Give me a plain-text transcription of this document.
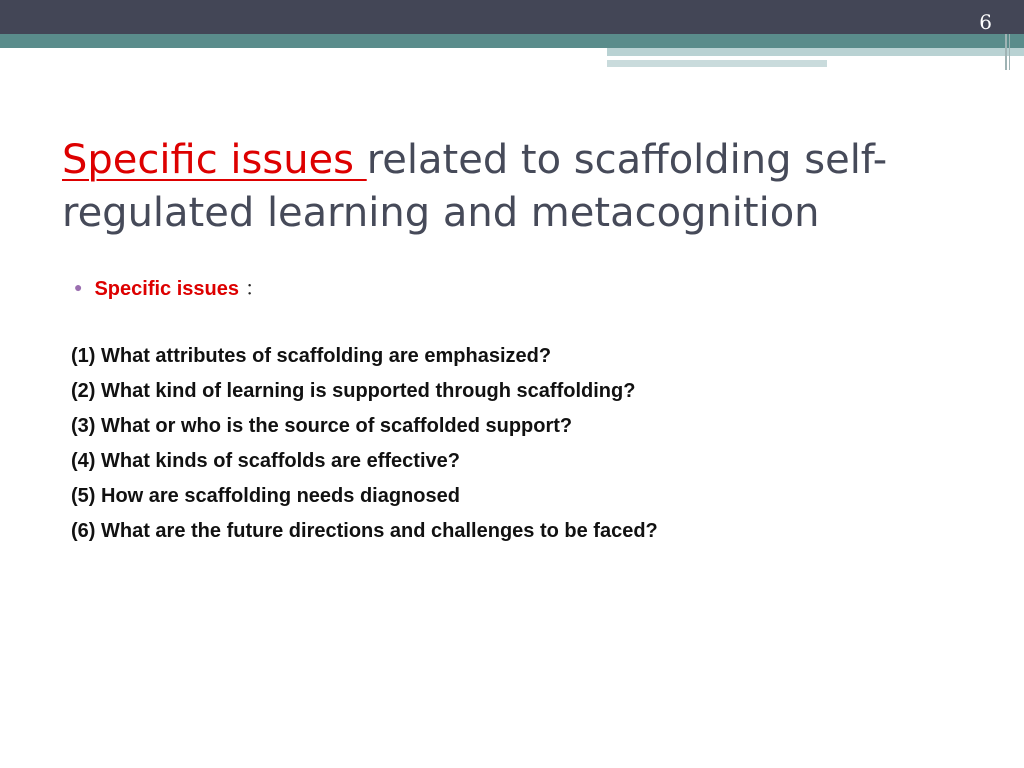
6
Specific issues related to scaffolding self-regulated learning and metacognition
● Specific issues ：
(1) What attributes of scaffolding are emphasized?
(2) What kind of learning is supported through scaffolding?
(3) What or who is the source of scaffolded support?
(4) What kinds of scaffolds are effective?
(5) How are scaffolding needs diagnosed
(6) What are the future directions and challenges to be faced?
